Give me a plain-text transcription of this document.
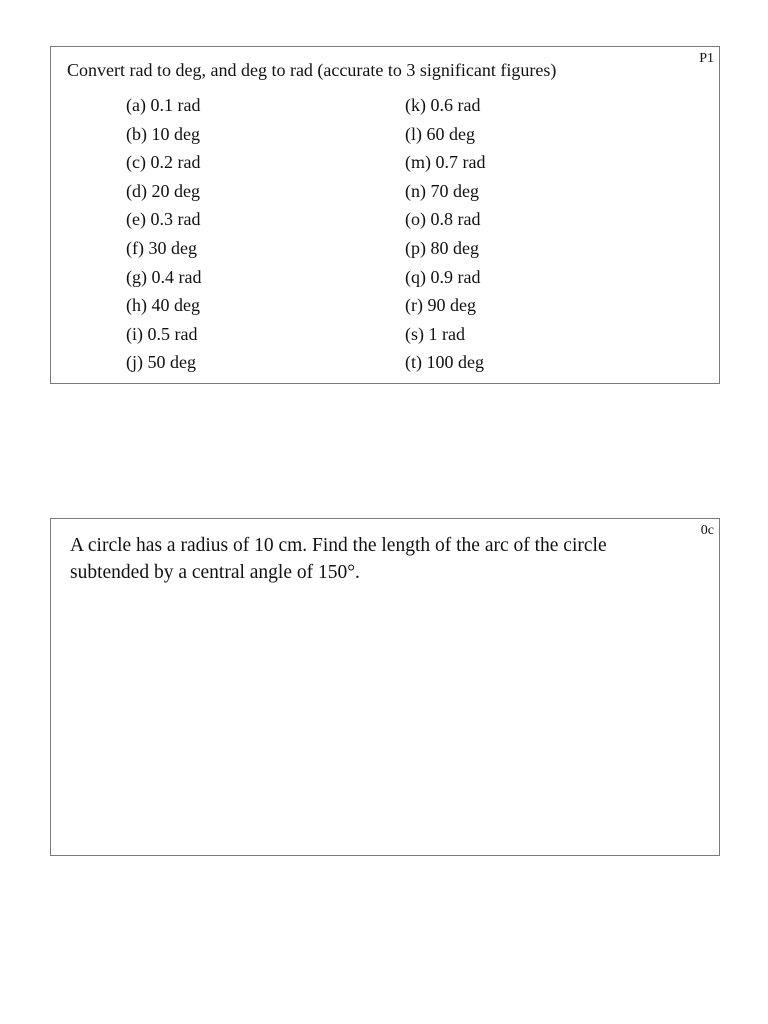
P1
Convert rad to deg, and deg to rad (accurate to 3 significant figures)
(a) 0.1 rad
(b) 10 deg
(c) 0.2 rad
(d) 20 deg
(e) 0.3 rad
(f) 30 deg
(g) 0.4 rad
(h) 40 deg
(i) 0.5 rad
(j) 50 deg
(k) 0.6 rad
(l) 60 deg
(m) 0.7 rad
(n) 70 deg
(o) 0.8 rad
(p) 80 deg
(q) 0.9 rad
(r) 90 deg
(s) 1 rad
(t) 100 deg
0c
A circle has a radius of 10 cm. Find the length of the arc of the circle subtended by a central angle of 150°.
